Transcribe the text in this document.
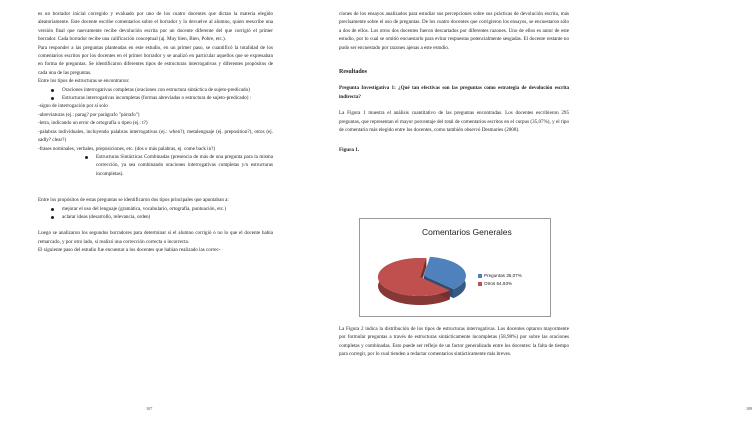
es un borrador inicial corregido y evaluado por uno de los cuatro docentes que dictan la materia elegido aleatoriamente. Este docente escribe comentarios sobre el borrador y lo devuelve al alumno, quien reescribe una versión final que nuevamente recibe devolución escrita por un docente diferente del que corrigió el primer borrador. Cada borrador recibe una calificación conceptual (aj. Muy bien, Bien, Pobre, etc.).

Para responder a las preguntas planteadas en este estudio, en un primer paso, se cuantificó la totalidad de los comentarios escritos por los docentes en el primer borrador y se analizó en particular aquellos que se expresaban en forma de preguntas. Se identificaron diferentes tipos de estructuras interrogativas y diferentes propósitos de cada una de las preguntas.

Entre los tipos de estructuras se encontraron:

Oraciones interrogativas completas (oraciones con estructura sintáctica de sujeto-predicado)

Estructuras interrogativas incompletas (formas abreviadas o estructura de sujeto-predicado) :

-signo de interrogación por sí solo

-abreviaturas (ej.: parag? por parágrafo "párrafo")

-letra, indicando un error de ortografía o tipeo (ej.: t?)

-palabras individuales, incluyendo palabras interrogativas (ej.: when?), metalenguaje (ej. preposition?), otros (ej. sadly? clear?)

-frases nominales, verbales, preposiciones, etc. (dos o más palabras, ej. come back in?)

Estructuras Sintácticas Combinadas (presencia de más de una pregunta para la misma corrección, ya sea combinando oraciones interrogativas completas y/o estructuras incompletas).

Entre los propósitos de estas preguntas se identificaron dos tipos principales que apuntaban a:

mejorar el uso del lenguaje (gramática, vocabulario, ortografía, puntuación, etc.)

aclarar ideas (desarrollo, relevancia, orden)

Luego se analizaron los segundos borradores para determinar si el alumno corrigió o no lo que el docente había remarcado, y por otro lado, si realizó una corrección correcta o incorrecta.

El siguiente paso del estudio fue encuestar a los docentes que habían realizado las correc-

107	108

ciones de los ensayos analizados para estudiar sus percepciones sobre sus prácticas de devolución escrita, más precisamente sobre el uso de preguntas. De los cuatro docentes que corrigieron los ensayos, se encuestaron sólo a dos de ellos. Los otros dos docentes fueron descartados por diferentes razones. Uno de ellos es autor de este estudio, por lo cual se omitió encuestarlo para evitar respuestas potencialmente sesgadas. El docente restante no pudo ser encuestado por razones ajenas a este estudio.

Resultados

Pregunta Investigativa 1: ¿Qué tan efectivas son las preguntas como estrategia de devolución escrita indirecta?

La Figura 1 muestra el análisis cuantitativo de las preguntas encontradas. Los docentes escribieron 295 preguntas, que representan el mayor porcentaje del total de comentarios escritos en el corpus (35,07%), y el tipo de comentario más elegido entre los docentes, como también observó Desmaries (2008).

Figura 1.

Comentarios Generales
Preguntas 35,07%
Otros 64,93%

La Figura 2 indica la distribución de los tipos de estructuras interrogativas. Los docentes optaron mayormente por formular preguntas a través de estructuras sintácticamente incompletas (58,98%) por sobre las oraciones completas y combinadas. Esto puede ser reflejo de un factor generalizado entre los docentes: la falta de tiempo para corregir, por lo cual tienden a redactar comentarios sintácticamente más breves.
